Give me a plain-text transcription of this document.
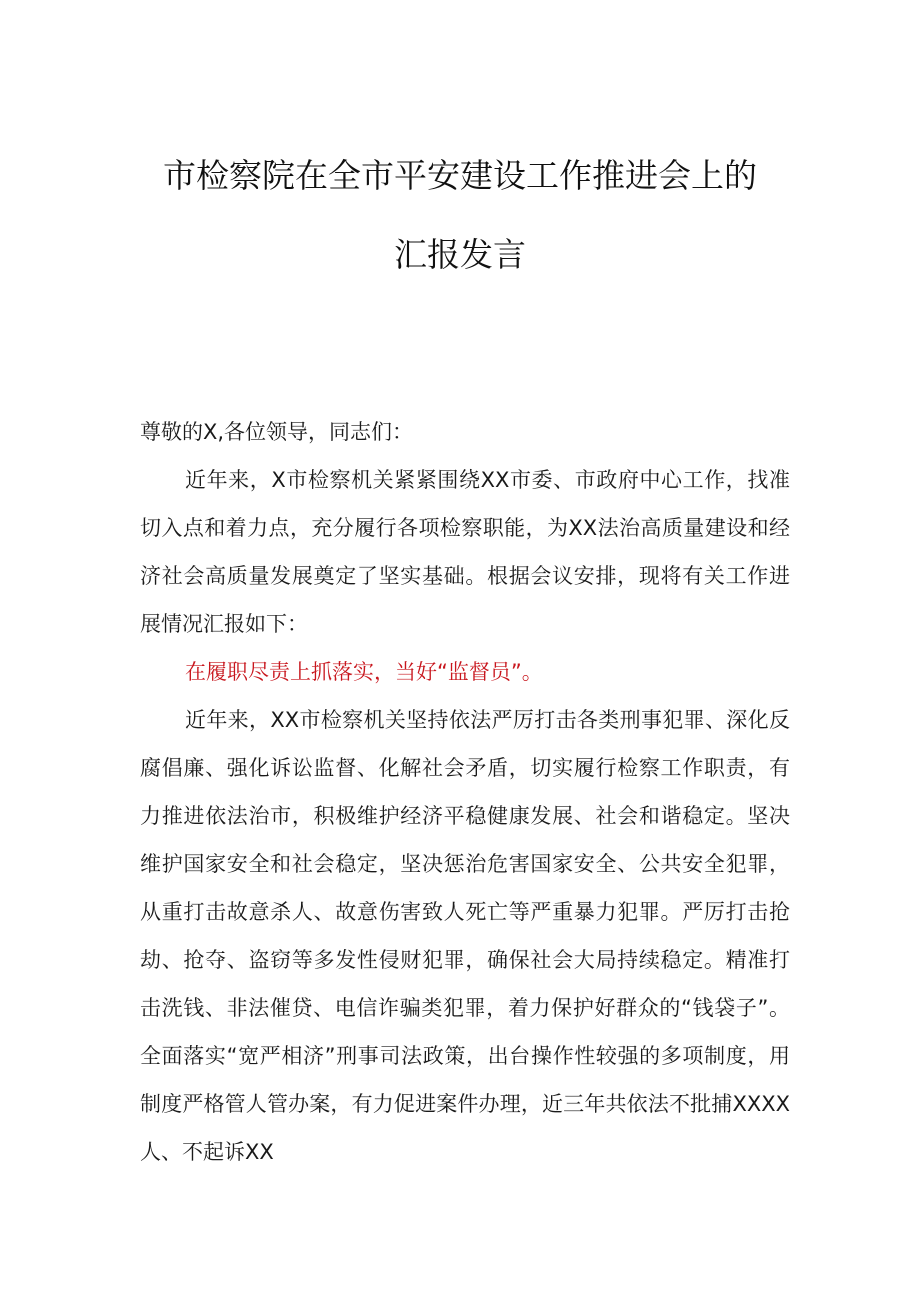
市检察院在全市平安建设工作推进会上的
汇报发言

尊敬的X,各位领导，同志们：

近年来，X市检察机关紧紧围绕XX市委、市政府中心工作，找准切入点和着力点，充分履行各项检察职能，为XX法治高质量建设和经济社会高质量发展奠定了坚实基础。根据会议安排，现将有关工作进展情况汇报如下：

在履职尽责上抓落实，当好“监督员”。

近年来，XX市检察机关坚持依法严厉打击各类刑事犯罪、深化反腐倡廉、强化诉讼监督、化解社会矛盾，切实履行检察工作职责，有力推进依法治市，积极维护经济平稳健康发展、社会和谐稳定。坚决维护国家安全和社会稳定，坚决惩治危害国家安全、公共安全犯罪，从重打击故意杀人、故意伤害致人死亡等严重暴力犯罪。严厉打击抢劫、抢夺、盗窃等多发性侵财犯罪，确保社会大局持续稳定。精准打击洗钱、非法催贷、电信诈骗类犯罪，着力保护好群众的“钱袋子”。全面落实“宽严相济”刑事司法政策，出台操作性较强的多项制度，用制度严格管人管办案，有力促进案件办理，近三年共依法不批捕XXXX人、不起诉XX
